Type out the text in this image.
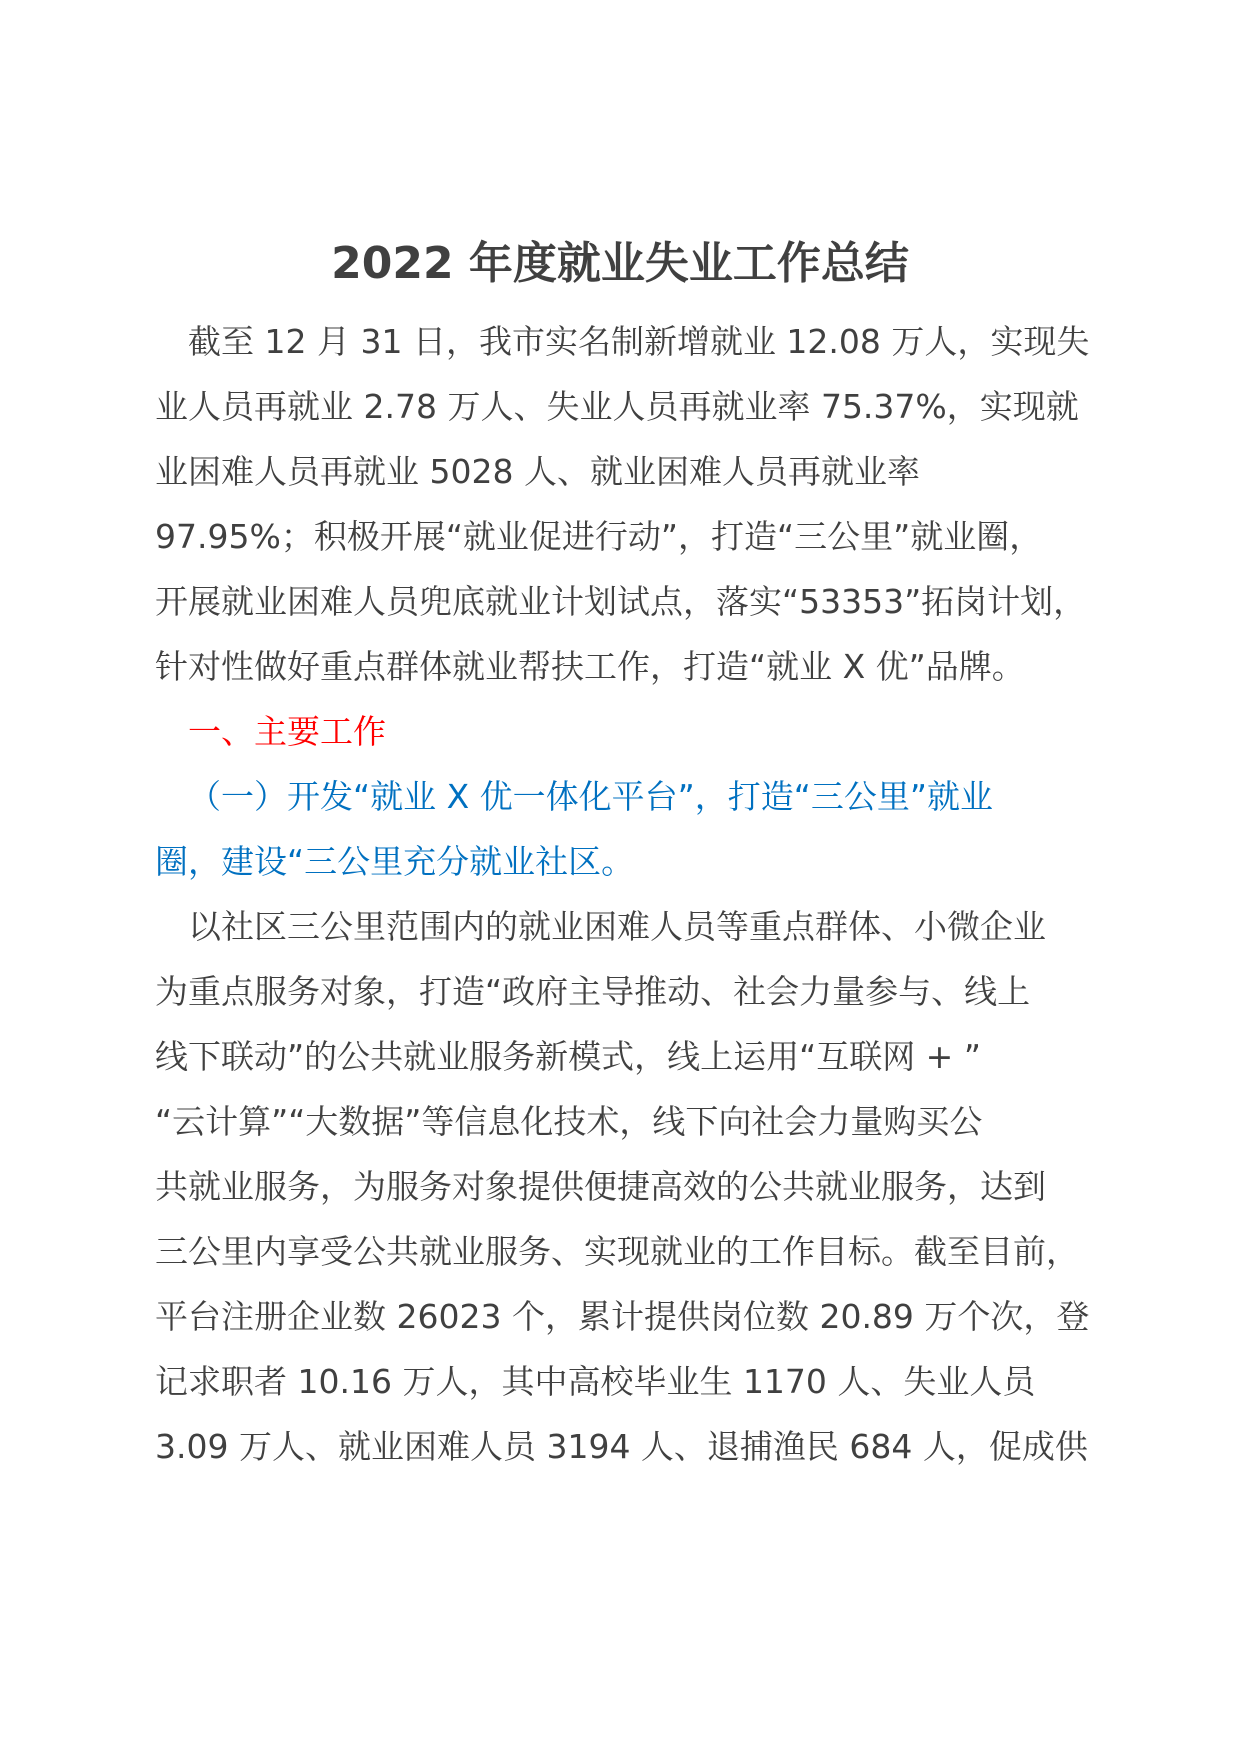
2022 年度就业失业工作总结
截至 12 月 31 日，我市实名制新增就业 12.08 万人，实现失
业人员再就业 2.78 万人、失业人员再就业率 75.37%，实现就
业困难人员再就业 5028 人、就业困难人员再就业率
97.95%；积极开展“就业促进行动”，打造“三公里”就业圈，
开展就业困难人员兜底就业计划试点，落实“53353”拓岗计划，
针对性做好重点群体就业帮扶工作，打造“就业 X 优”品牌。
一、主要工作
（一）开发“就业 X 优一体化平台”，打造“三公里”就业
圈，建设“三公里充分就业社区。
以社区三公里范围内的就业困难人员等重点群体、小微企业
为重点服务对象，打造“政府主导推动、社会力量参与、线上
线下联动”的公共就业服务新模式，线上运用“互联网 + ”
“云计算”“大数据”等信息化技术，线下向社会力量购买公
共就业服务，为服务对象提供便捷高效的公共就业服务，达到
三公里内享受公共就业服务、实现就业的工作目标。截至目前，
平台注册企业数 26023 个，累计提供岗位数 20.89 万个次，登
记求职者 10.16 万人，其中高校毕业生 1170 人、失业人员
3.09 万人、就业困难人员 3194 人、退捕渔民 684 人，促成供
